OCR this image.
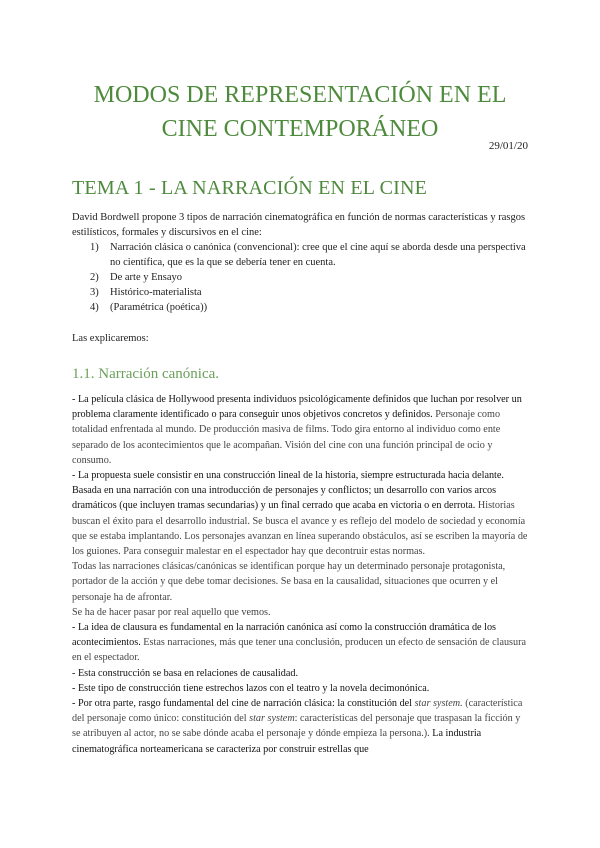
MODOS DE REPRESENTACIÓN EN EL
CINE CONTEMPORÁNEO
29/01/20
TEMA 1 - LA NARRACIÓN EN EL CINE

David Bordwell propone 3 tipos de narración cinematográfica en función de normas características y rasgos estilísticos, formales y discursivos en el cine:

1)	Narración clásica o canónica (convencional): cree que el cine aquí se aborda desde una perspectiva no científica, que es la que se debería tener en cuenta.
2)	De arte y Ensayo
3)	Histórico-materialista
4)	(Paramétrica (poética))

Las explicaremos:

1.1. Narración canónica.

- La película clásica de Hollywood presenta individuos psicológicamente definidos que luchan por resolver un problema claramente identificado o para conseguir unos objetivos concretos y definidos. Personaje como totalidad enfrentada al mundo. De producción masiva de films. Todo gira entorno al individuo como ente separado de los acontecimientos que le acompañan. Visión del cine con una función principal de ocio y consumo.

- La propuesta suele consistir en una construcción lineal de la historia, siempre estructurada hacia delante. Basada en una narración con una introducción de personajes y conflictos; un desarrollo con varios arcos dramáticos (que incluyen tramas secundarias) y un final cerrado que acaba en victoria o en derrota. Historias buscan el éxito para el desarrollo industrial. Se busca el avance y es reflejo del modelo de sociedad y economía que se estaba implantando. Los personajes avanzan en línea superando obstáculos, así se escriben la mayoría de los guiones. Para conseguir malestar en el espectador hay que decontruir estas normas.

Todas las narraciones clásicas/canónicas se identifican porque hay un determinado personaje protagonista, portador de la acción y que debe tomar decisiones. Se basa en la causalidad, situaciones que ocurren y el personaje ha de afrontar.

Se ha de hacer pasar por real aquello que vemos.

- La idea de clausura es fundamental en la narración canónica así como la construcción dramática de los acontecimientos. Estas narraciones, más que tener una conclusión, producen un efecto de sensación de clausura en el espectador.

- Esta construcción se basa en relaciones de causalidad.

- Este tipo de construcción tiene estrechos lazos con el teatro y la novela decimonónica.

- Por otra parte, rasgo fundamental del cine de narración clásica: la constitución del star system. (característica del personaje como único: constitución del star system: características del personaje que traspasan la ficción y se atribuyen al actor, no se sabe dónde acaba el personaje y dónde empieza la persona.). La industria cinematográfica norteamericana se caracteriza por construir estrellas que
